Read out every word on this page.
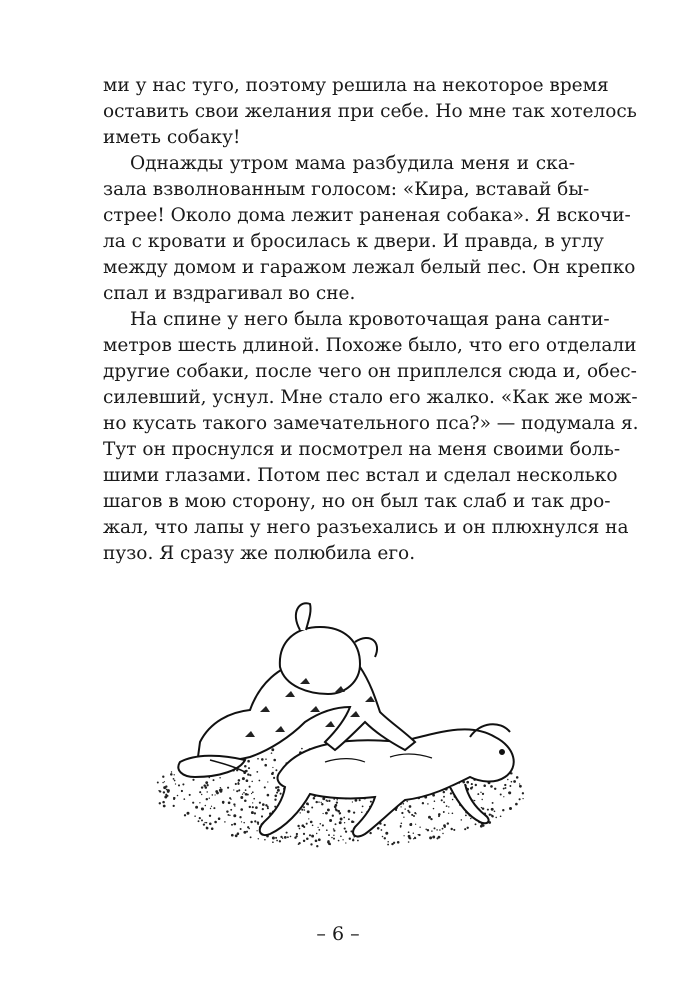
ми у нас туго, поэтому решила на некоторое время
оставить свои желания при себе. Но мне так хотелось
иметь собаку!
Однажды утром мама разбудила меня и ска-
зала взволнованным голосом: «Кира, вставай бы-
стрее! Около дома лежит раненая собака». Я вскочи-
ла с кровати и бросилась к двери. И правда, в углу
между домом и гаражом лежал белый пес. Он крепко
спал и вздрагивал во сне.
На спине у него была кровоточащая рана санти-
метров шесть длиной. Похоже было, что его отделали
другие собаки, после чего он приплелся сюда и, обес-
силевший, уснул. Мне стало его жалко. «Как же мож-
но кусать такого замечательного пса?» — подумала я.
Тут он проснулся и посмотрел на меня своими боль-
шими глазами. Потом пес встал и сделал несколько
шагов в мою сторону, но он был так слаб и так дро-
жал, что лапы у него разъехались и он плюхнулся на
пузо. Я сразу же полюбила его.
– 6 –
